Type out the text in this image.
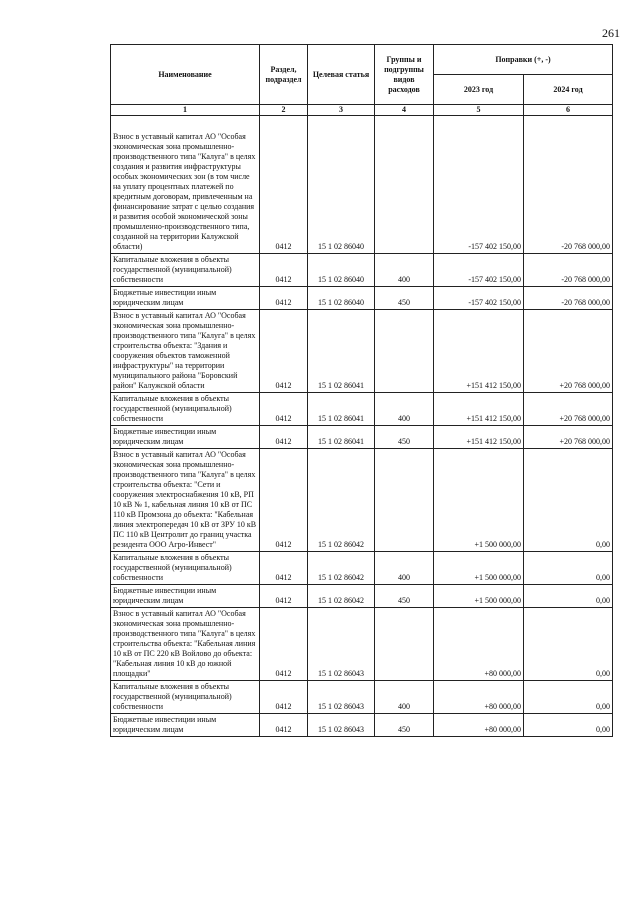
261
Наименование	Раздел, подраздел	Целевая статья	Группы и подгруппы видов расходов	Поправки (+, -)	
				2023 год	2024 год
1	2	3	4	5	6
Взнос в уставный капитал АО "Особая экономическая зона промышленно-производственного типа "Калуга" в целях создания и развития инфраструктуры особых экономических зон (в том числе на уплату процентных платежей по кредитным договорам, привлеченным на финансирование затрат с целью создания и развития особой экономической зоны промышленно-производственного типа, созданной на территории Калужской области)	0412	15 1 02 86040		-157 402 150,00	-20 768 000,00
Капитальные вложения в объекты государственной (муниципальной) собственности	0412	15 1 02 86040	400	-157 402 150,00	-20 768 000,00
Бюджетные инвестиции иным юридическим лицам	0412	15 1 02 86040	450	-157 402 150,00	-20 768 000,00
Взнос в уставный капитал АО "Особая экономическая зона промышленно-производственного типа "Калуга" в целях строительства объекта: "Здания и сооружения объектов таможенной инфраструктуры" на территории муниципального района "Боровский район" Калужской области	0412	15 1 02 86041		+151 412 150,00	+20 768 000,00
Капитальные вложения в объекты государственной (муниципальной) собственности	0412	15 1 02 86041	400	+151 412 150,00	+20 768 000,00
Бюджетные инвестиции иным юридическим лицам	0412	15 1 02 86041	450	+151 412 150,00	+20 768 000,00
Взнос в уставный капитал АО "Особая экономическая зона промышленно-производственного типа "Калуга" в целях строительства объекта: "Сети и сооружения электроснабжения 10 кВ, РП 10 кВ № 1, кабельная линия 10 кВ от ПС 110 кВ Промзона до объекта: "Кабельная линия электропередач 10 кВ от ЗРУ 10 кВ ПС 110 кВ Центролит до границ участка резидента ООО Агро-Инвест"	0412	15 1 02 86042		+1 500 000,00	0,00
Капитальные вложения в объекты государственной (муниципальной) собственности	0412	15 1 02 86042	400	+1 500 000,00	0,00
Бюджетные инвестиции иным юридическим лицам	0412	15 1 02 86042	450	+1 500 000,00	0,00
Взнос в уставный капитал АО "Особая экономическая зона промышленно-производственного типа "Калуга" в целях строительства объекта: "Кабельная линия 10 кВ от ПС 220 кВ Войлово до объекта: "Кабельная линия 10 кВ до южной площадки"	0412	15 1 02 86043		+80 000,00	0,00
Капитальные вложения в объекты государственной (муниципальной) собственности	0412	15 1 02 86043	400	+80 000,00	0,00
Бюджетные инвестиции иным юридическим лицам	0412	15 1 02 86043	450	+80 000,00	0,00
